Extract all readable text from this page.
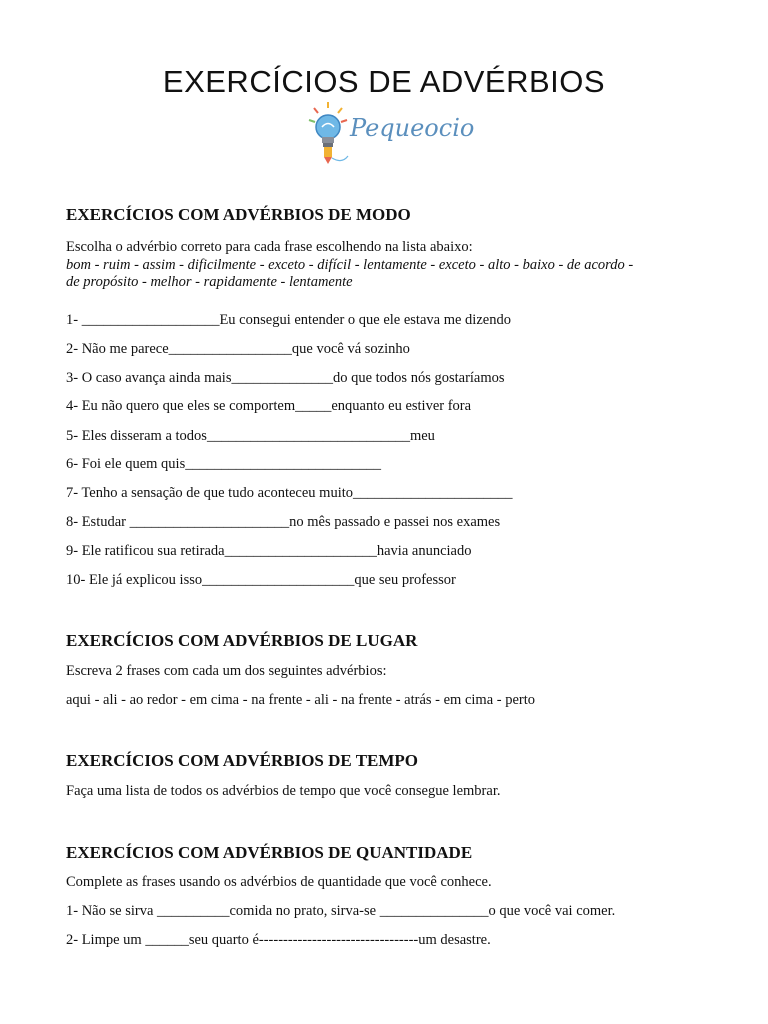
EXERCÍCIOS DE ADVÉRBIOS
Pequeocio
EXERCÍCIOS COM ADVÉRBIOS DE MODO

Escolha o advérbio correto para cada frase escolhendo na lista abaixo:

bom - ruim - assim - dificilmente - exceto - difícil - lentamente - exceto - alto - baixo - de acordo -

de propósito - melhor - rapidamente - lentamente

1- ___________________Eu consegui entender o que ele estava me dizendo
2- Não me parece_________________que você vá sozinho
3- O caso avança ainda mais______________do que todos nós gostaríamos
4- Eu não quero que eles se comportem_____enquanto eu estiver fora
5- Eles disseram a todos____________________________meu
6- Foi ele quem quis___________________________
7- Tenho a sensação de que tudo aconteceu muito______________________
8- Estudar ______________________no mês passado e passei nos exames
9- Ele ratificou sua retirada_____________________havia anunciado
10- Ele já explicou isso_____________________que seu professor
EXERCÍCIOS COM ADVÉRBIOS DE LUGAR

Escreva 2 frases com cada um dos seguintes advérbios:

aqui - ali - ao redor - em cima - na frente - ali - na frente - atrás - em cima - perto

EXERCÍCIOS COM ADVÉRBIOS DE TEMPO

Faça uma lista de todos os advérbios de tempo que você consegue lembrar.

EXERCÍCIOS COM ADVÉRBIOS DE QUANTIDADE

Complete as frases usando os advérbios de quantidade que você conhece.

1- Não se sirva __________comida no prato, sirva-se _______________o que você vai comer.
2- Limpe um ______seu quarto é---------------------------------um desastre.
